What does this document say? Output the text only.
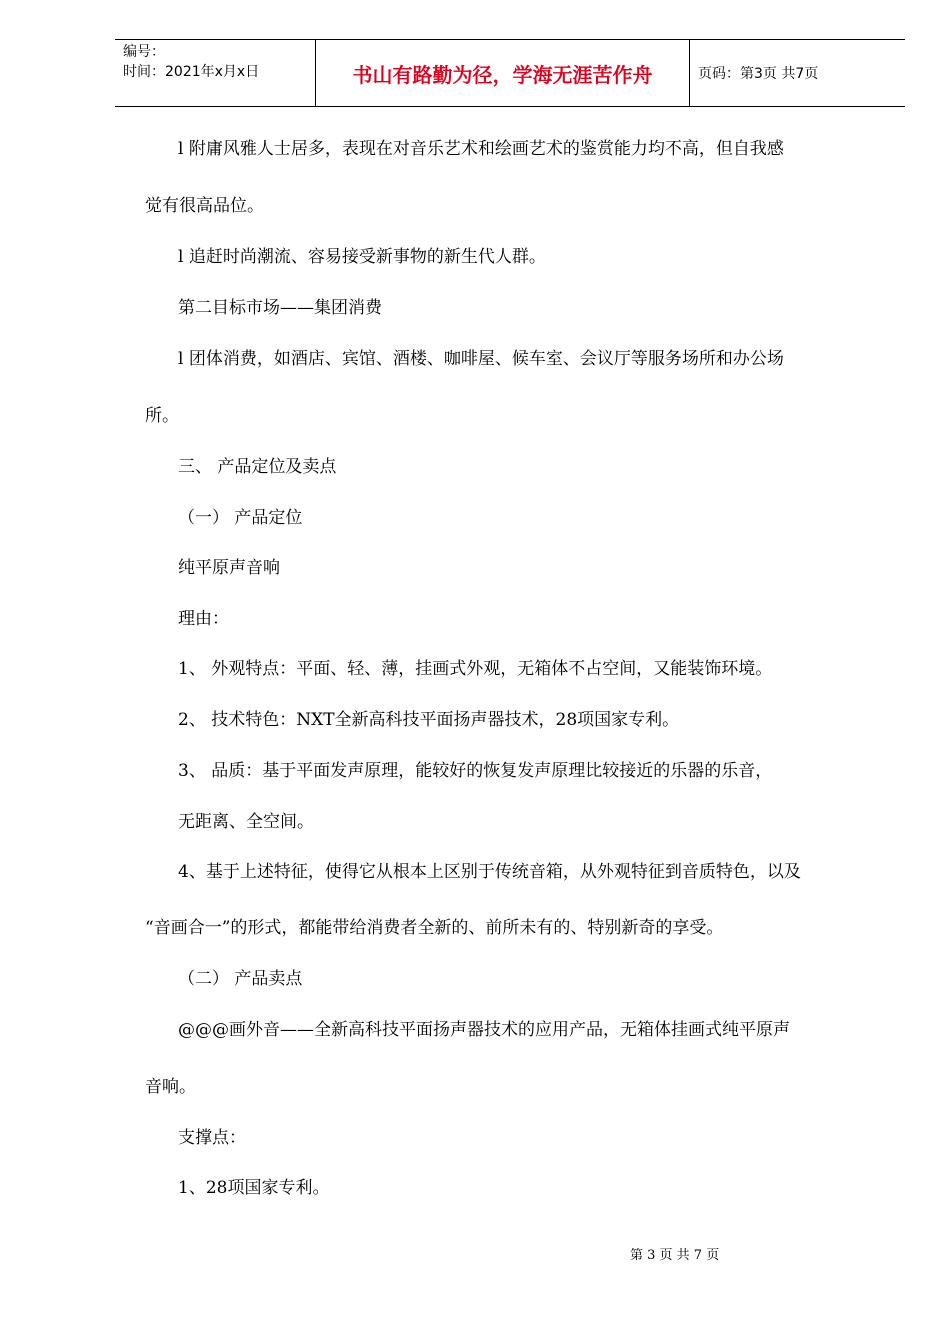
编号：
时间：2021年x月x日	书山有路勤为径，学海无涯苦作舟	页码：第3页 共7页
l 附庸风雅人士居多，表现在对音乐艺术和绘画艺术的鉴赏能力均不高，但自我感
觉有很高品位。
l 追赶时尚潮流、容易接受新事物的新生代人群。
第二目标市场——集团消费
l 团体消费，如酒店、宾馆、酒楼、咖啡屋、候车室、会议厅等服务场所和办公场
所。
三、 产品定位及卖点
（一） 产品定位
纯平原声音响
理由：
1、 外观特点：平面、轻、薄，挂画式外观，无箱体不占空间，又能装饰环境。
2、 技术特色：NXT全新高科技平面扬声器技术，28项国家专利。
3、 品质：基于平面发声原理，能较好的恢复发声原理比较接近的乐器的乐音，
无距离、全空间。
4、基于上述特征，使得它从根本上区别于传统音箱，从外观特征到音质特色，以及
“音画合一”的形式，都能带给消费者全新的、前所未有的、特别新奇的享受。
（二） 产品卖点
@@@画外音——全新高科技平面扬声器技术的应用产品，无箱体挂画式纯平原声
音响。
支撑点：
1、28项国家专利。
第 3 页 共 7 页
